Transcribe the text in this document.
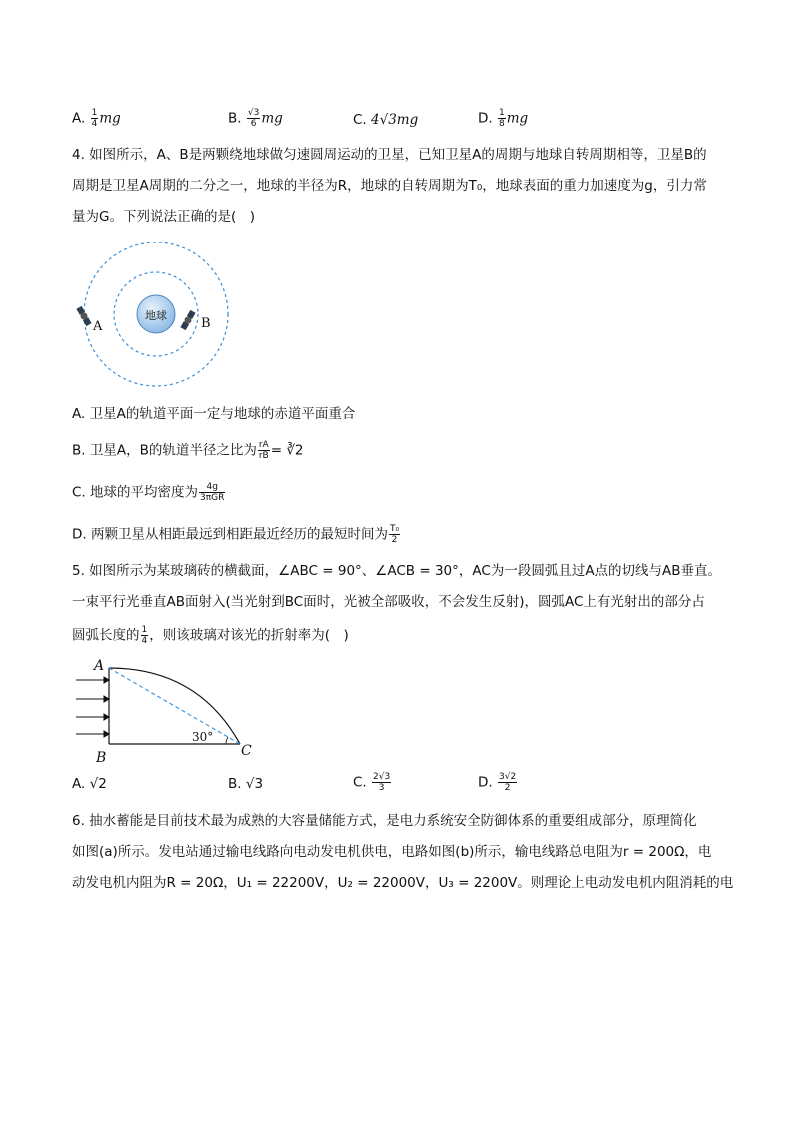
A. $\frac{1}{4}$ mg	B. $\frac{√3}{6}$ mg	C. 4√3mg	D. $\frac{1}{8}$ mg
4. 如图所示，A、B是两颗绕地球做匀速圆周运动的卫星，已知卫星A的周期与地球自转周期相等，卫星B的
周期是卫星A周期的二分之一，地球的半径为R，地球的自转周期为T₀，地球表面的重力加速度为g，引力常
量为G。下列说法正确的是(　)
地球
A	B
A. 卫星A的轨道平面一定与地球的赤道平面重合
B. 卫星A，B的轨道半径之比为 $\frac{rA}{rB}$ = ∛2
C. 地球的平均密度为 $\frac{4g}{\text{3πGR}}$
D. 两颗卫星从相距最远到相距最近经历的最短时间为 $\frac{\text{T₀}}{2}$
5. 如图所示为某玻璃砖的横截面，∠ABC = 90°、∠ACB = 30°，AC为一段圆弧且过A点的切线与AB垂直。
一束平行光垂直AB面射入(当光射到BC面时，光被全部吸收，不会发生反射)，圆弧AC上有光射出的部分占
圆弧长度的 $\frac{1}{4}$ ，则该玻璃对该光的折射率为(　)
30°
A
B	C
A. √2	B. √3	C. $\frac{2√3}{3}$	D. $\frac{3√2}{2}$
6. 抽水蓄能是目前技术最为成熟的大容量储能方式，是电力系统安全防御体系的重要组成部分，原理简化
如图(a)所示。发电站通过输电线路向电动发电机供电，电路如图(b)所示，输电线路总电阻为r = 200Ω，电
动发电机内阻为R = 20Ω，U₁ = 22200V，U₂ = 22000V，U₃ = 2200V。则理论上电动发电机内阻消耗的电
